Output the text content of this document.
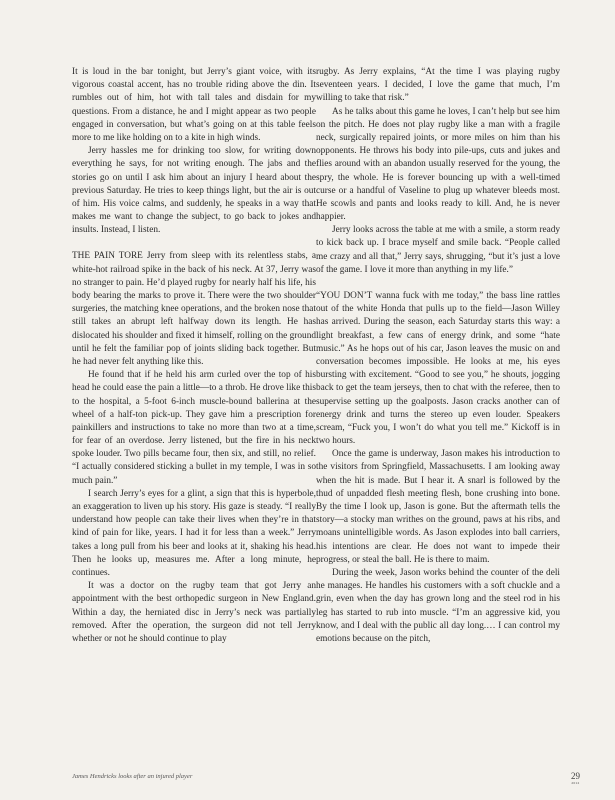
It is loud in the bar tonight, but Jerry’s giant voice, with its vigorous coastal accent, has no trouble riding above the din. It rumbles out of him, hot with tall tales and disdain for my questions. From a distance, he and I might appear as two people engaged in conversation, but what’s going on at this table feels more to me like holding on to a kite in high winds.

Jerry hassles me for drinking too slow, for writing down everything he says, for not writing enough. The jabs and the stories go on until I ask him about an injury I heard about the previous Saturday. He tries to keep things light, but the air is out of him. His voice calms, and suddenly, he speaks in a way that makes me want to change the subject, to go back to jokes and insults. Instead, I listen.

THE PAIN TORE Jerry from sleep with its relentless stabs, a white-hot railroad spike in the back of his neck. At 37, Jerry was no stranger to pain. He’d played rugby for nearly half his life, his body bearing the marks to prove it. There were the two shoulder surgeries, the matching knee operations, and the broken nose that still takes an abrupt left halfway down its length. He has dislocated his shoulder and fixed it himself, rolling on the ground until he felt the familiar pop of joints sliding back together. But he had never felt anything like this.

He found that if he held his arm curled over the top of his head he could ease the pain a little—to a throb. He drove like this to the hospital, a 5-foot 6-inch muscle-bound ballerina at the wheel of a half-ton pick-up. They gave him a prescription for painkillers and instructions to take no more than two at a time, for fear of an overdose. Jerry listened, but the fire in his neck spoke louder. Two pills became four, then six, and still, no relief. “I actually considered sticking a bullet in my temple, I was in so much pain.”

I search Jerry’s eyes for a glint, a sign that this is hyperbole, an exaggeration to liven up his story. His gaze is steady. “I really understand how people can take their lives when they’re in that kind of pain for like, years. I had it for less than a week.” Jerry takes a long pull from his beer and looks at it, shaking his head. Then he looks up, measures me. After a long minute, he continues.

It was a doctor on the rugby team that got Jerry an appointment with the best orthopedic surgeon in New England. Within a day, the herniated disc in Jerry’s neck was partially removed. After the operation, the surgeon did not tell Jerry whether or not he should continue to play

rugby. As Jerry explains, “At the time I was playing rugby seventeen years. I decided, I love the game that much, I’m willing to take that risk.”

As he talks about this game he loves, I can’t help but see him on the pitch. He does not play rugby like a man with a fragile neck, surgically repaired joints, or more miles on him than his opponents. He throws his body into pile-ups, cuts and jukes and flies around with an abandon usually reserved for the young, the spry, the whole. He is forever bouncing up with a well-timed curse or a handful of Vaseline to plug up whatever bleeds most. He scowls and pants and looks ready to kill. And, he is never happier.

Jerry looks across the table at me with a smile, a storm ready to kick back up. I brace myself and smile back. “People called me crazy and all that,” Jerry says, shrugging, “but it’s just a love of the game. I love it more than anything in my life.”

“YOU DON’T wanna fuck with me today,” the bass line rattles out of the white Honda that pulls up to the field—Jason Willey has arrived. During the season, each Saturday starts this way: a light breakfast, a few cans of energy drink, and some “hate music.” As he hops out of his car, Jason leaves the music on and conversation becomes impossible. He looks at me, his eyes bursting with excitement. “Good to see you,” he shouts, jogging back to get the team jerseys, then to chat with the referee, then to supervise setting up the goalposts. Jason cracks another can of energy drink and turns the stereo up even louder. Speakers scream, “Fuck you, I won’t do what you tell me.” Kickoff is in two hours.

Once the game is underway, Jason makes his introduction to the visitors from Springfield, Massachusetts. I am looking away when the hit is made. But I hear it. A snarl is followed by the thud of unpadded flesh meeting flesh, bone crushing into bone. By the time I look up, Jason is gone. But the aftermath tells the story—a stocky man writhes on the ground, paws at his ribs, and moans unintelligible words. As Jason explodes into ball carriers, his intentions are clear. He does not want to impede their progress, or steal the ball. He is there to maim.

During the week, Jason works behind the counter of the deli he manages. He handles his customers with a soft chuckle and a grin, even when the day has grown long and the steel rod in his leg has started to rub into muscle. “I’m an aggressive kid, you know, and I deal with the public all day long.… I can control my emotions because on the pitch,

James Hendricks looks after an injured player	29
2012
